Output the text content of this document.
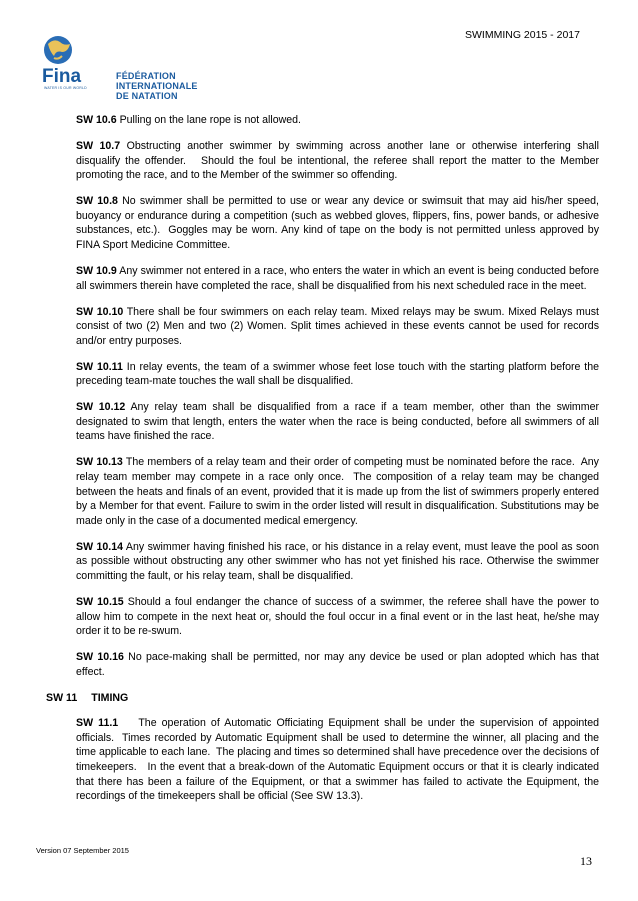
Fina	FÉDÉRATION
INTERNATIONALE
DE NATATION
WATER IS OUR WORLD
SWIMMING 2015 - 2017

SW 10.6 Pulling on the lane rope is not allowed.

SW 10.7 Obstructing another swimmer by swimming across another lane or otherwise interfering shall disqualify the offender.   Should the foul be intentional, the referee shall report the matter to the Member promoting the race, and to the Member of the swimmer so offending.

SW 10.8 No swimmer shall be permitted to use or wear any device or swimsuit that may aid his/her speed, buoyancy or endurance during a competition (such as webbed gloves, flippers, fins, power bands, or adhesive substances, etc.).  Goggles may be worn. Any kind of tape on the body is not permitted unless approved by FINA Sport Medicine Committee.

SW 10.9 Any swimmer not entered in a race, who enters the water in which an event is being conducted before all swimmers therein have completed the race, shall be disqualified from his next scheduled race in the meet.

SW 10.10 There shall be four swimmers on each relay team. Mixed relays may be swum. Mixed Relays must consist of two (2) Men and two (2) Women. Split times achieved in these events cannot be used for records and/or entry purposes.

SW 10.11 In relay events, the team of a swimmer whose feet lose touch with the starting platform before the preceding team-mate touches the wall shall be disqualified.

SW 10.12 Any relay team shall be disqualified from a race if a team member, other than the swimmer designated to swim that length, enters the water when the race is being conducted, before all swimmers of all teams have finished the race.

SW 10.13 The members of a relay team and their order of competing must be nominated before the race.  Any relay team member may compete in a race only once.  The composition of a relay team may be changed between the heats and finals of an event, provided that it is made up from the list of swimmers properly entered by a Member for that event. Failure to swim in the order listed will result in disqualification. Substitutions may be made only in the case of a documented medical emergency.

SW 10.14 Any swimmer having finished his race, or his distance in a relay event, must leave the pool as soon as possible without obstructing any other swimmer who has not yet finished his race. Otherwise the swimmer committing the fault, or his relay team, shall be disqualified.

SW 10.15 Should a foul endanger the chance of success of a swimmer, the referee shall have the power to allow him to compete in the next heat or, should the foul occur in a final event or in the last heat, he/she may order it to be re-swum.

SW 10.16 No pace-making shall be permitted, nor may any device be used or plan adopted which has that effect.

SW 11 TIMING

SW 11.1    The operation of Automatic Officiating Equipment shall be under the supervision of appointed officials.  Times recorded by Automatic Equipment shall be used to determine the winner, all placing and the time applicable to each lane.  The placing and times so determined shall have precedence over the decisions of timekeepers.   In the event that a break-down of the Automatic Equipment occurs or that it is clearly indicated that there has been a failure of the Equipment, or that a swimmer has failed to activate the Equipment, the recordings of the timekeepers shall be official (See SW 13.3).

Version 07 September 2015
13
